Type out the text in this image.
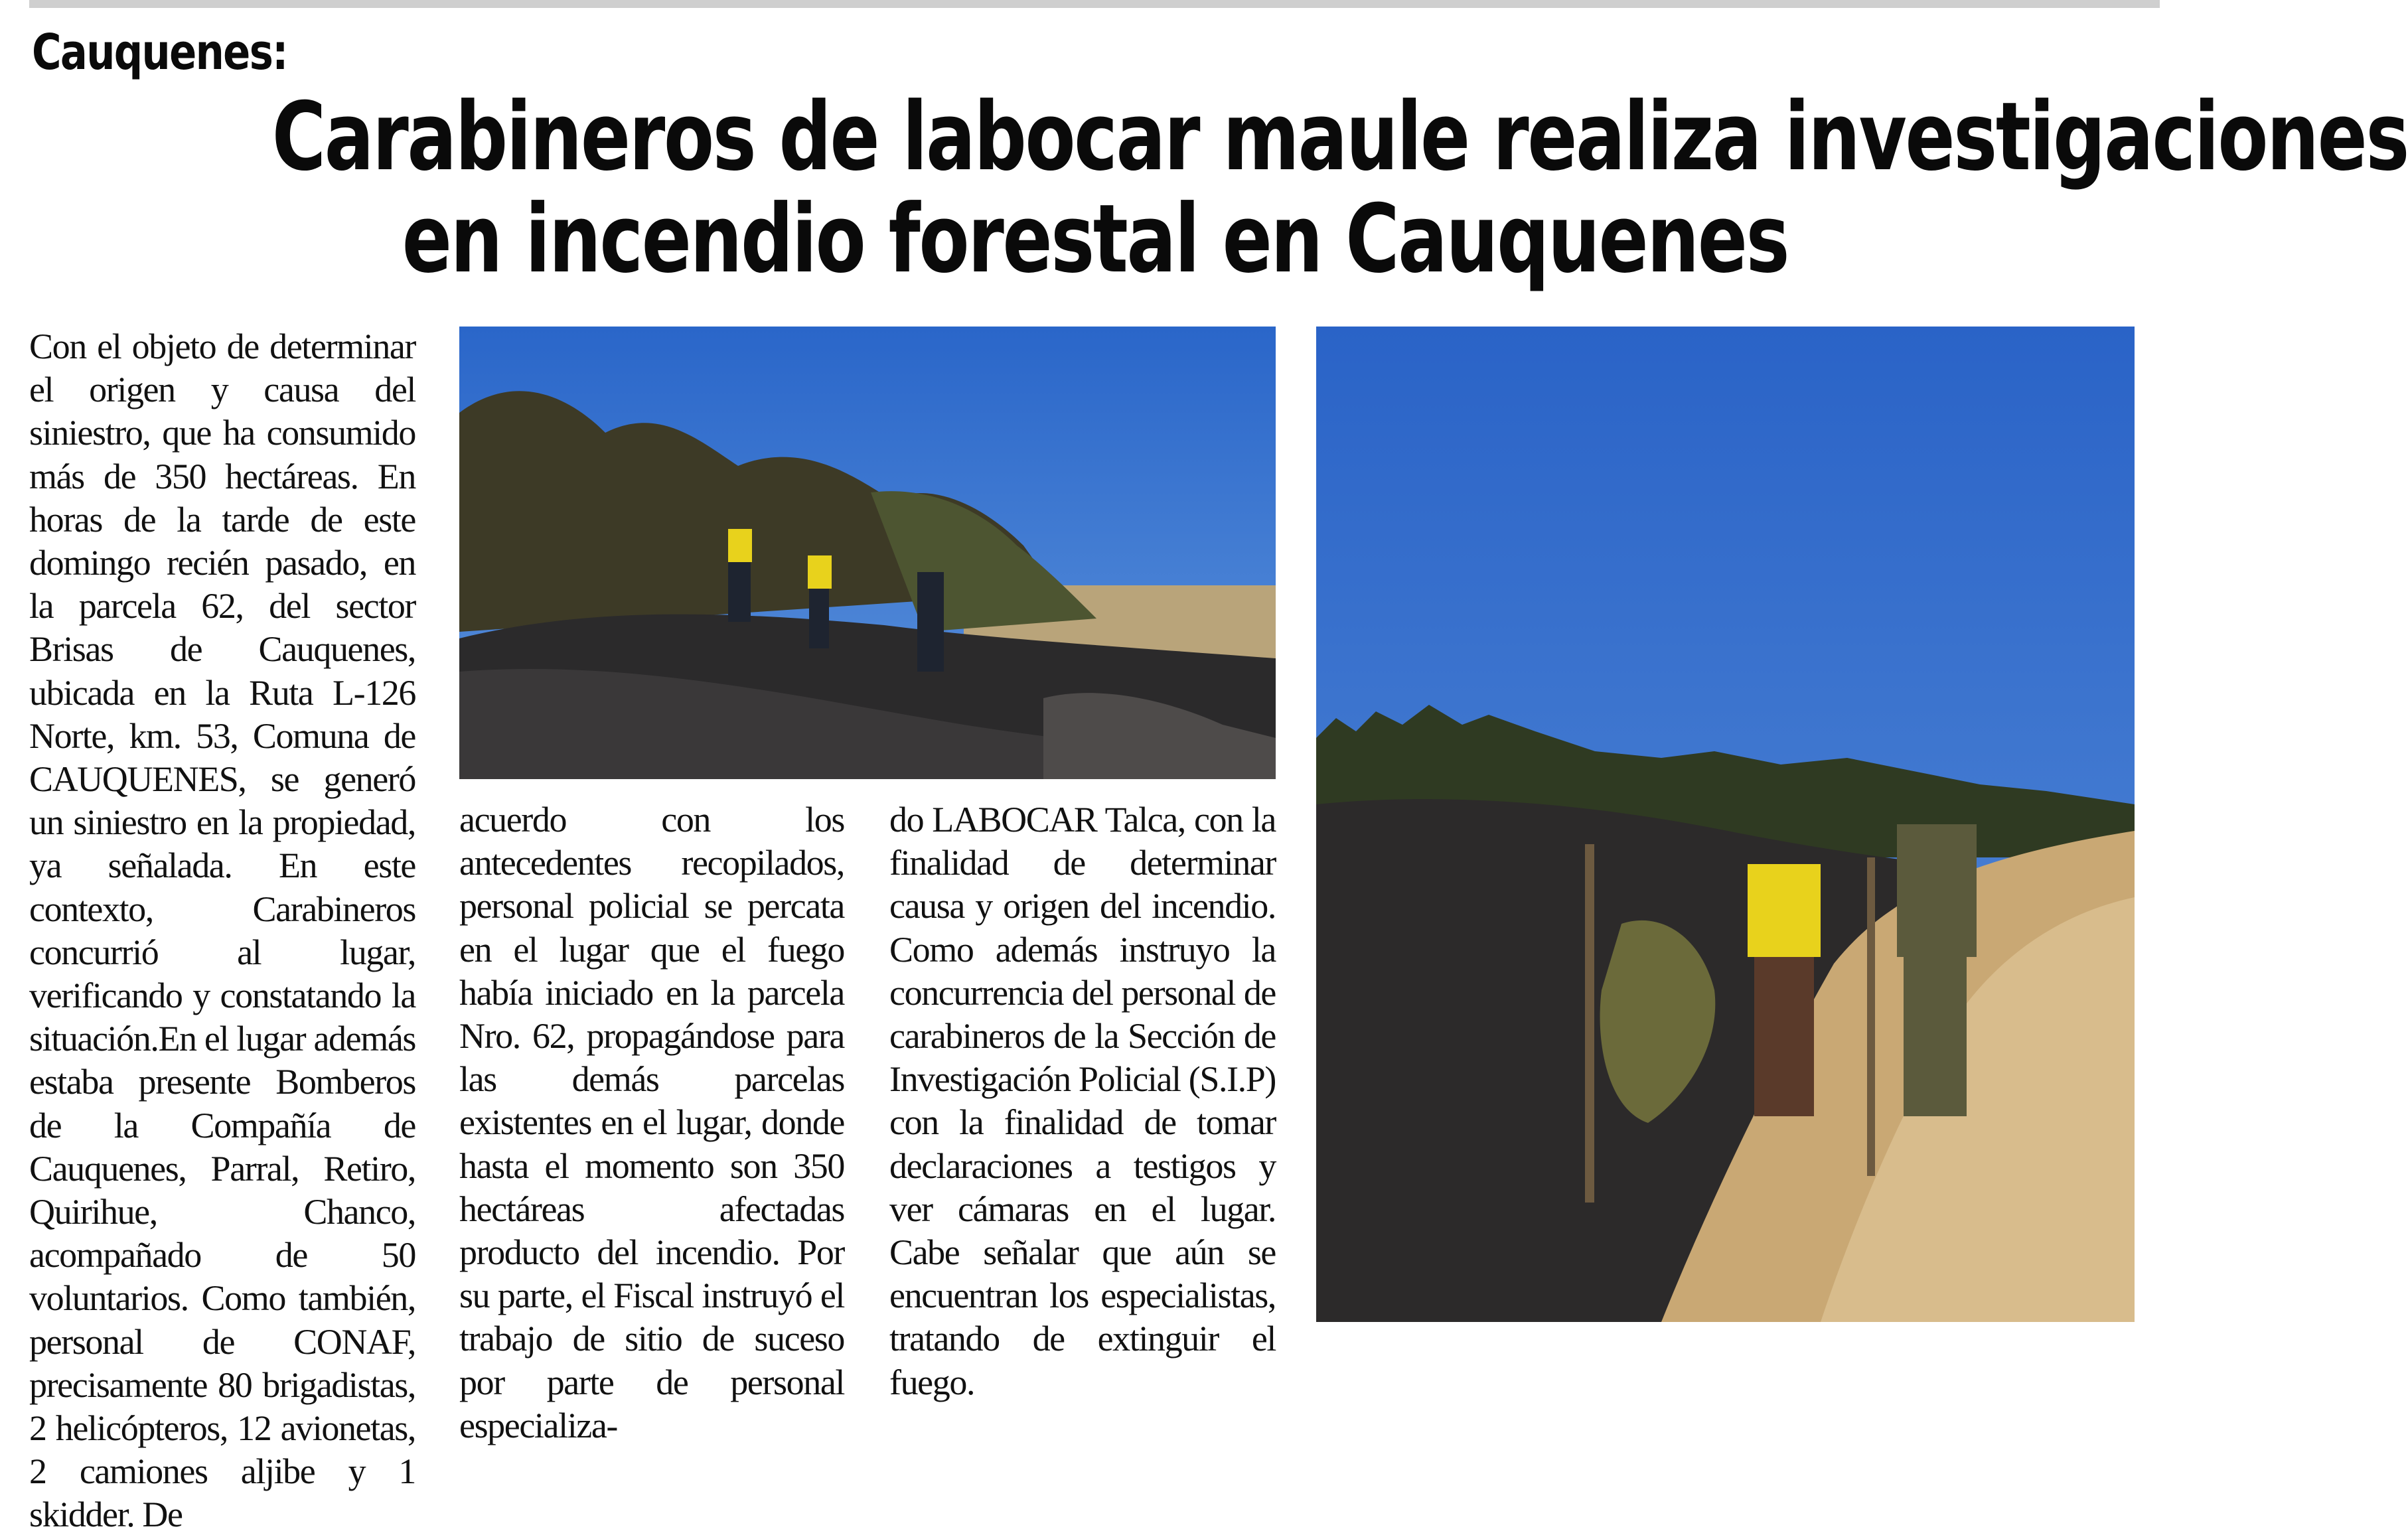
Cauquenes:
Carabineros de labocar maule realiza investigaciones
en incendio forestal en Cauquenes
Con el objeto de determinar el origen y causa del siniestro, que ha consumido más de 350 hectáreas. En horas de la tarde de este domingo recién pasado, en la parcela 62, del sector Brisas de Cauquenes, ubicada en la Ruta L-126 Norte, km. 53, Comuna de CAUQUENES, se generó un siniestro en la propiedad, ya señalada. En este contexto, Carabineros concurrió al lugar, verificando y constatando la situación.En el lugar además estaba presente Bomberos de la Compañía de Cauquenes, Parral, Retiro, Quirihue, Chanco, acompañado de 50 voluntarios. Como también, personal de CONAF, precisamente 80 brigadistas, 2 helicópteros, 12 avionetas, 2 camiones aljibe y 1 skidder. De
acuerdo con los antecedentes recopilados, personal policial se percata en el lugar que el fuego había iniciado en la parcela Nro. 62, propagándose para las demás parcelas existentes en el lugar, donde hasta el momento son 350 hectáreas afectadas producto del incendio. Por su parte, el Fiscal instruyó el trabajo de sitio de suceso por parte de personal especializa-
do LABOCAR Talca, con la finalidad de determinar causa y origen del incendio. Como además instruyo la concurrencia del personal de carabineros de la Sección de Investigación Policial (S.I.P) con la finalidad de tomar declaraciones a testigos y ver cámaras en el lugar. Cabe señalar que aún se encuentran los especialistas, tratando de extinguir el fuego.
